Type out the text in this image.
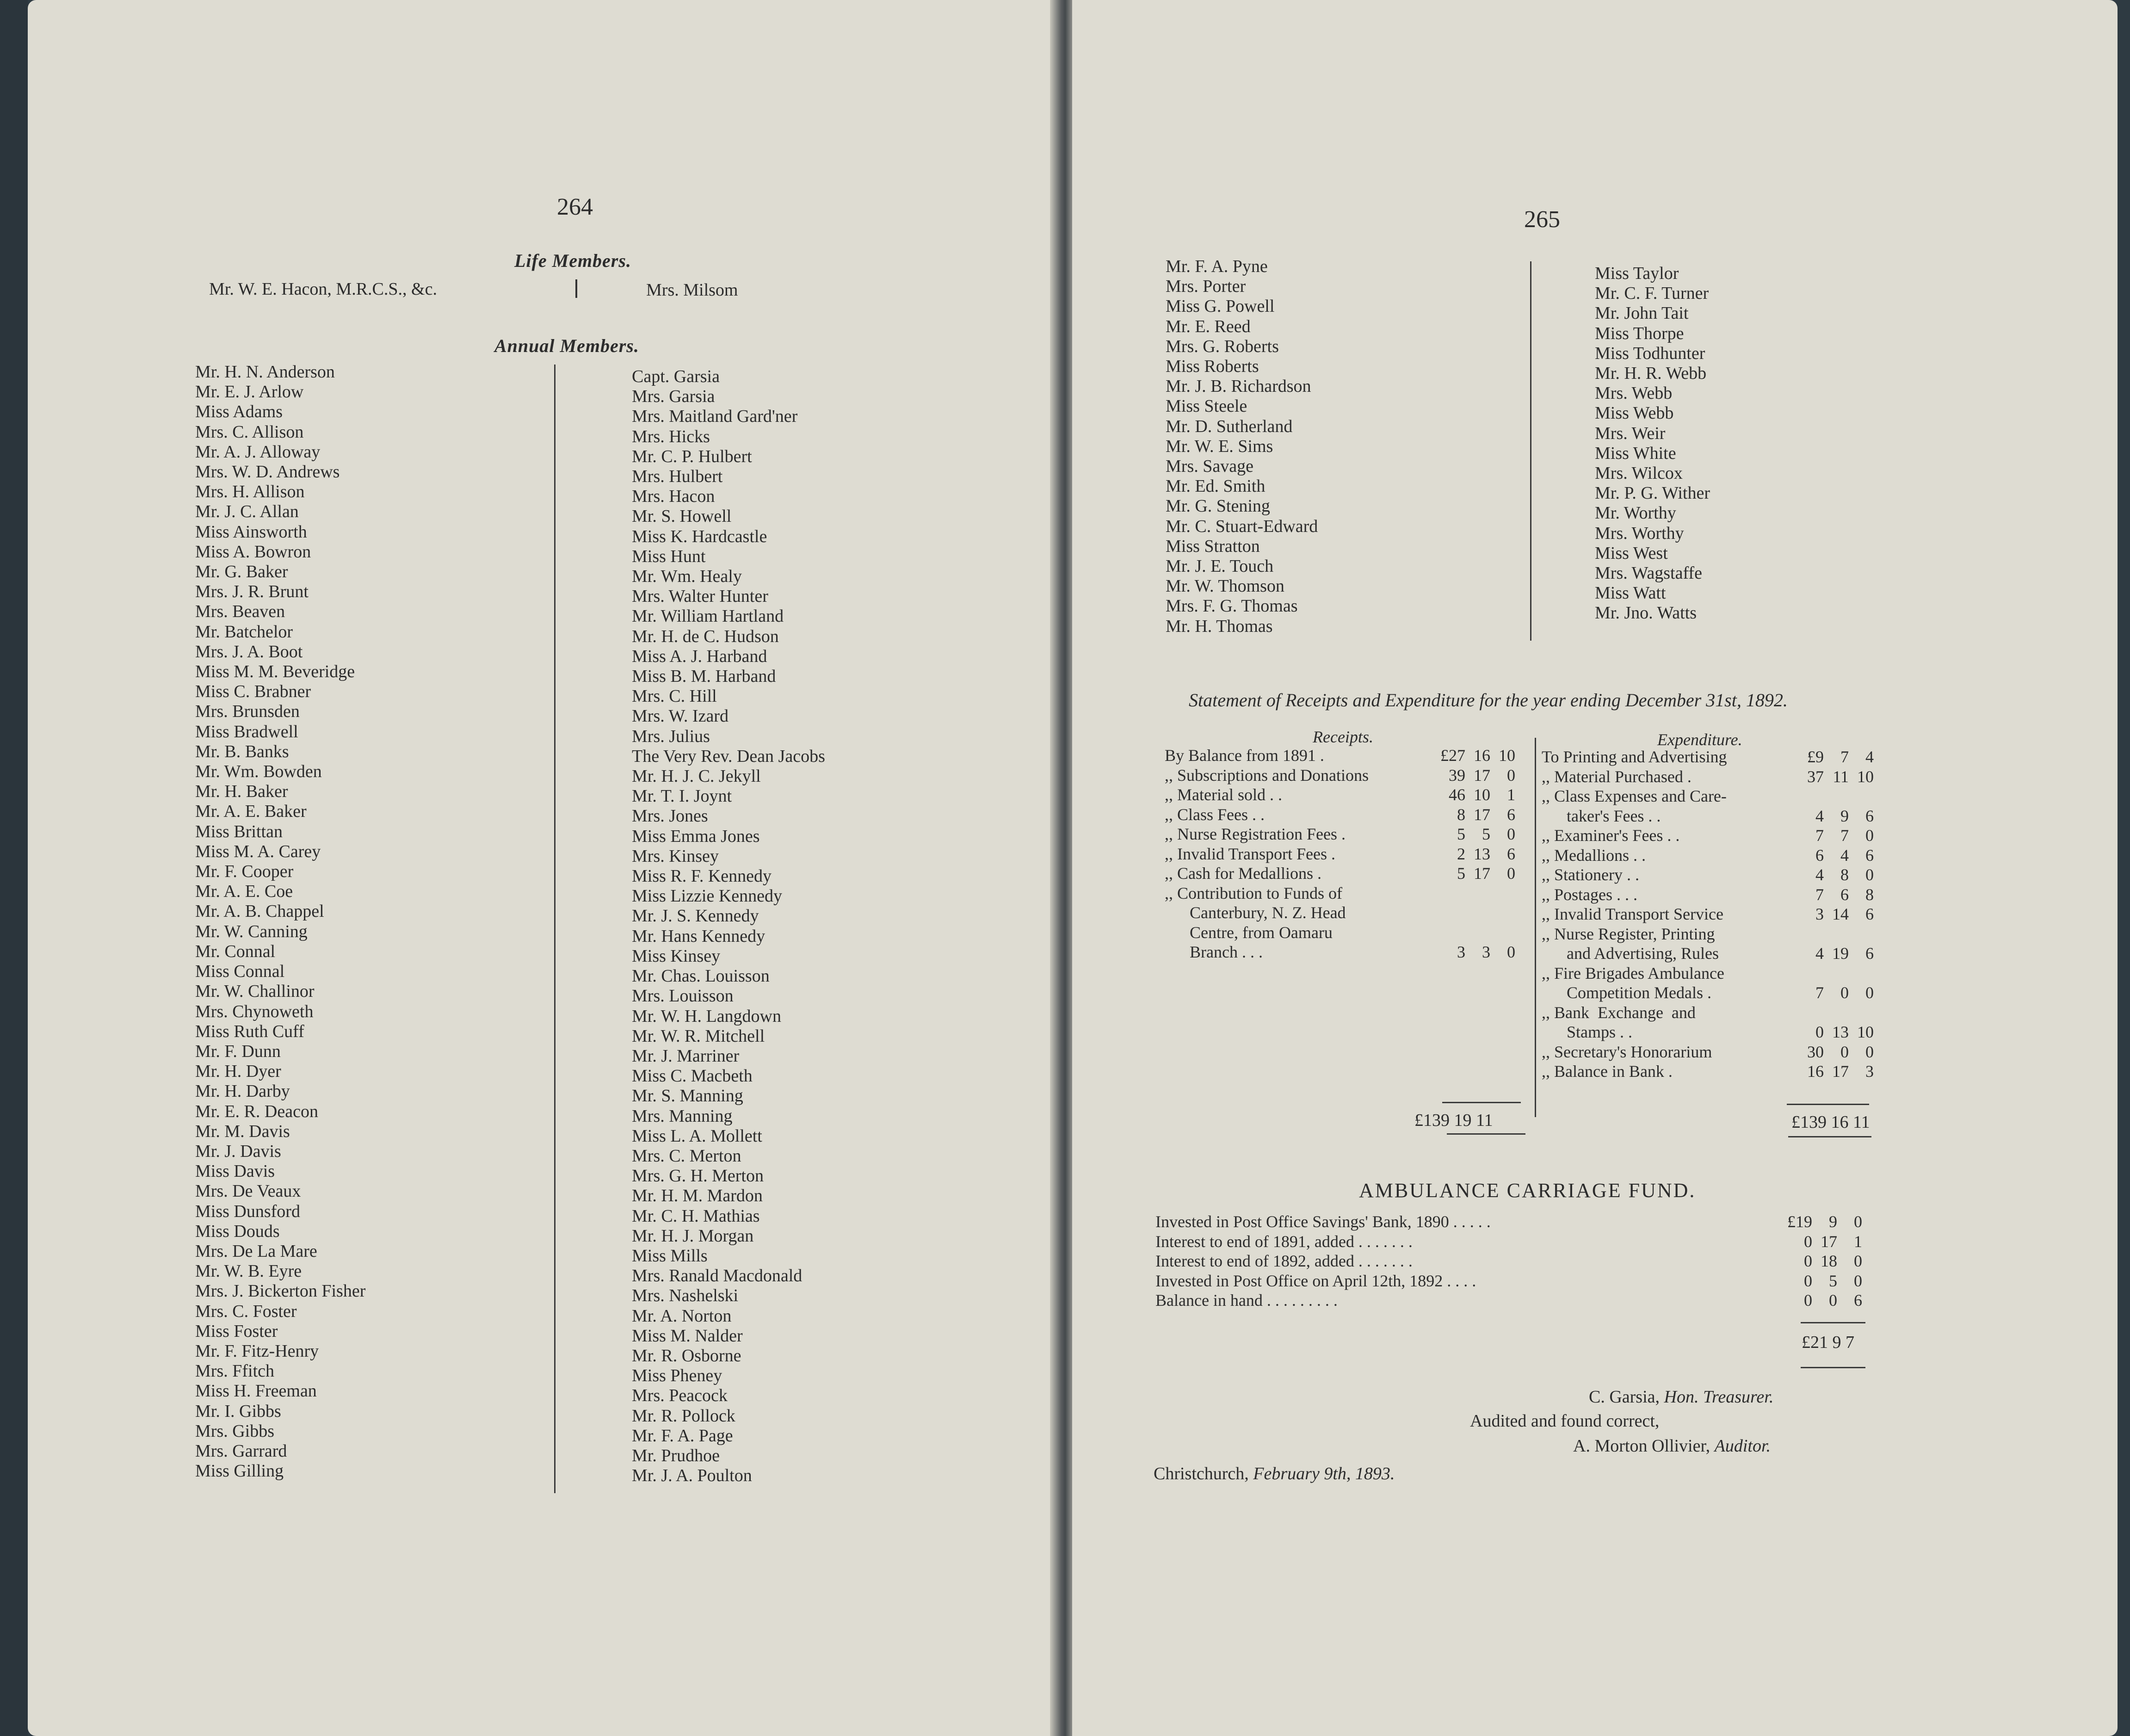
264
Life Members.
Mr. W. E. Hacon, M.R.C.S., &c.	Mrs. Milsom
Annual Members.
Mr. H. N. Anderson
Mr. E. J. Arlow
Miss Adams
Mrs. C. Allison
Mr. A. J. Alloway
Mrs. W. D. Andrews
Mrs. H. Allison
Mr. J. C. Allan
Miss Ainsworth
Miss A. Bowron
Mr. G. Baker
Mrs. J. R. Brunt
Mrs. Beaven
Mr. Batchelor
Mrs. J. A. Boot
Miss M. M. Beveridge
Miss C. Brabner
Mrs. Brunsden
Miss Bradwell
Mr. B. Banks
Mr. Wm. Bowden
Mr. H. Baker
Mr. A. E. Baker
Miss Brittan
Miss M. A. Carey
Mr. F. Cooper
Mr. A. E. Coe
Mr. A. B. Chappel
Mr. W. Canning
Mr. Connal
Miss Connal
Mr. W. Challinor
Mrs. Chynoweth
Miss Ruth Cuff
Mr. F. Dunn
Mr. H. Dyer
Mr. H. Darby
Mr. E. R. Deacon
Mr. M. Davis
Mr. J. Davis
Miss Davis
Mrs. De Veaux
Miss Dunsford
Miss Douds
Mrs. De La Mare
Mr. W. B. Eyre
Mrs. J. Bickerton Fisher
Mrs. C. Foster
Miss Foster
Mr. F. Fitz-Henry
Mrs. Ffitch
Miss H. Freeman
Mr. I. Gibbs
Mrs. Gibbs
Mrs. Garrard
Miss Gilling
Capt. Garsia
Mrs. Garsia
Mrs. Maitland Gard'ner
Mrs. Hicks
Mr. C. P. Hulbert
Mrs. Hulbert
Mrs. Hacon
Mr. S. Howell
Miss K. Hardcastle
Miss Hunt
Mr. Wm. Healy
Mrs. Walter Hunter
Mr. William Hartland
Mr. H. de C. Hudson
Miss A. J. Harband
Miss B. M. Harband
Mrs. C. Hill
Mrs. W. Izard
Mrs. Julius
The Very Rev. Dean Jacobs
Mr. H. J. C. Jekyll
Mr. T. I. Joynt
Mrs. Jones
Miss Emma Jones
Mrs. Kinsey
Miss R. F. Kennedy
Miss Lizzie Kennedy
Mr. J. S. Kennedy
Mr. Hans Kennedy
Miss Kinsey
Mr. Chas. Louisson
Mrs. Louisson
Mr. W. H. Langdown
Mr. W. R. Mitchell
Mr. J. Marriner
Miss C. Macbeth
Mr. S. Manning
Mrs. Manning
Miss L. A. Mollett
Mrs. C. Merton
Mrs. G. H. Merton
Mr. H. M. Mardon
Mr. C. H. Mathias
Mr. H. J. Morgan
Miss Mills
Mrs. Ranald Macdonald
Mrs. Nashelski
Mr. A. Norton
Miss M. Nalder
Mr. R. Osborne
Miss Pheney
Mrs. Peacock
Mr. R. Pollock
Mr. F. A. Page
Mr. Prudhoe
Mr. J. A. Poulton
265
Mr. F. A. Pyne
Mrs. Porter
Miss G. Powell
Mr. E. Reed
Mrs. G. Roberts
Miss Roberts
Mr. J. B. Richardson
Miss Steele
Mr. D. Sutherland
Mr. W. E. Sims
Mrs. Savage
Mr. Ed. Smith
Mr. G. Stening
Mr. C. Stuart-Edward
Miss Stratton
Mr. J. E. Touch
Mr. W. Thomson
Mrs. F. G. Thomas
Mr. H. Thomas
Miss Taylor
Mr. C. F. Turner
Mr. John Tait
Miss Thorpe
Miss Todhunter
Mr. H. R. Webb
Mrs. Webb
Miss Webb
Mrs. Weir
Miss White
Mrs. Wilcox
Mr. P. G. Wither
Mr. Worthy
Mrs. Worthy
Miss West
Mrs. Wagstaffe
Miss Watt
Mr. Jno. Watts
Statement of Receipts and Expenditure for the year ending December 31st, 1892.
Receipts.
By Balance from 1891 .	£27	16	10
,, Subscriptions and Donations	39	17	0
,, Material sold . .	46	10	1
,, Class Fees . .	8	17	6
,, Nurse Registration Fees .	5	5	0
,, Invalid Transport Fees .	2	13	6
,, Cash for Medallions .	5	17	0
,, Contribution to Funds of			
Canterbury, N. Z. Head			
Centre, from Oamaru			
Branch . . .	3	3	0
£139 19 11
Expenditure.
To Printing and Advertising	£9	7	4
,, Material Purchased .	37	11	10
,, Class Expenses and Care-			
taker's Fees . .	4	9	6
,, Examiner's Fees . .	7	7	0
,, Medallions . .	6	4	6
,, Stationery . .	4	8	0
,, Postages . . .	7	6	8
,, Invalid Transport Service	3	14	6
,, Nurse Register, Printing			
and Advertising, Rules	4	19	6
,, Fire Brigades Ambulance			
Competition Medals .	7	0	0
,, Bank  Exchange  and			
Stamps . .	0	13	10
,, Secretary's Honorarium	30	0	0
,, Balance in Bank .	16	17	3
£139 16 11
AMBULANCE CARRIAGE FUND.
Invested in Post Office Savings' Bank, 1890 . . . . .	£19	9	0
Interest to end of 1891, added . . . . . . .	0	17	1
Interest to end of 1892, added . . . . . . .	0	18	0
Invested in Post Office on April 12th, 1892 . . . .	0	5	0
Balance in hand . . . . . . . . .	0	0	6
£21 9 7
C. Garsia, Hon. Treasurer.
Audited and found correct,
A. Morton Ollivier, Auditor.
Christchurch, February 9th, 1893.
